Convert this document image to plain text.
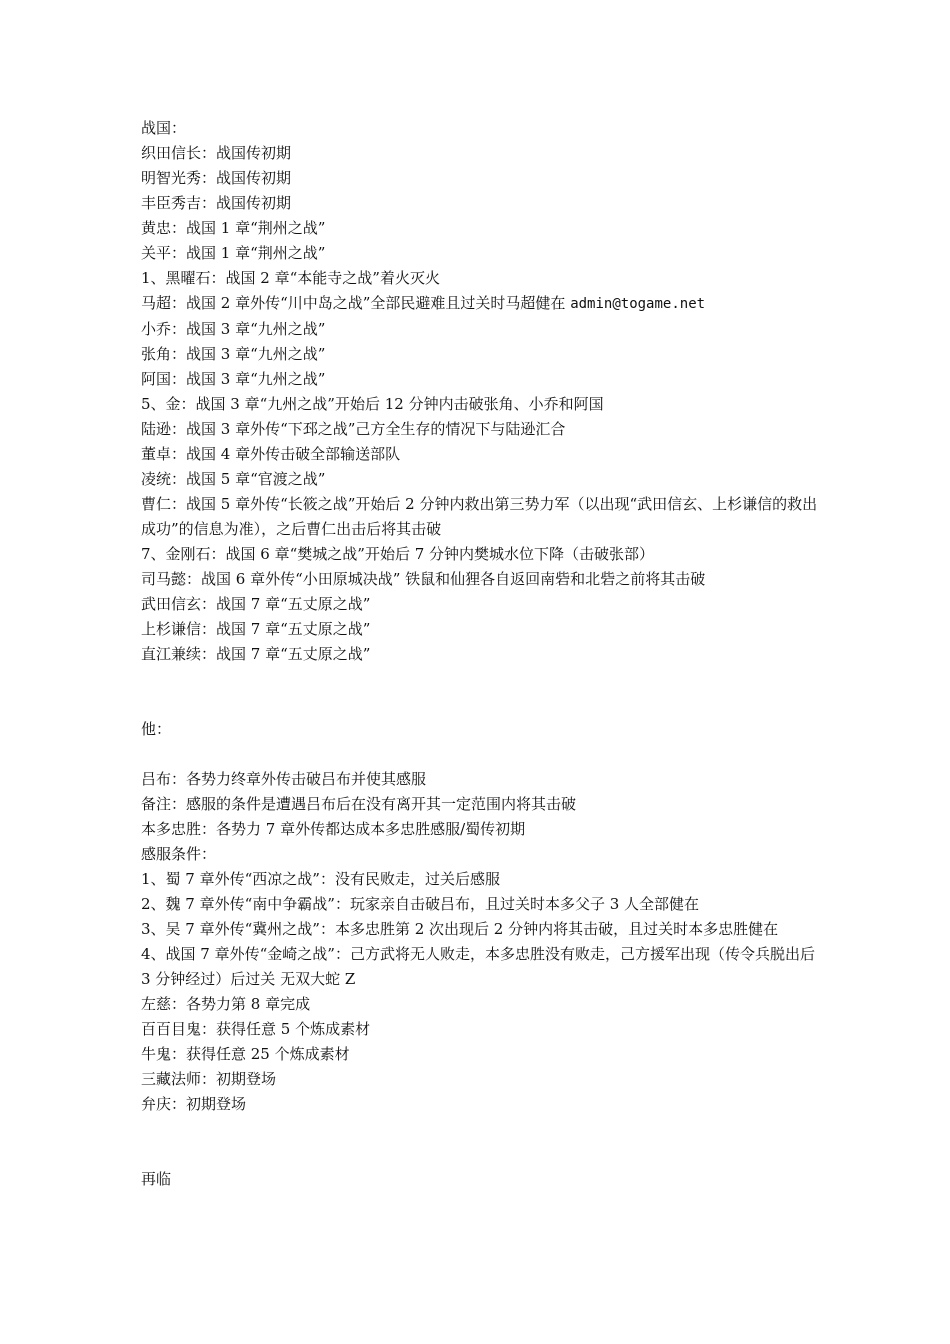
战国：
织田信长：战国传初期
明智光秀：战国传初期
丰臣秀吉：战国传初期
黄忠：战国 1 章“荆州之战”
关平：战国 1 章“荆州之战”
1、黑曜石：战国 2 章“本能寺之战”着火灭火
马超：战国 2 章外传“川中岛之战”全部民避难且过关时马超健在 admin@togame.net
小乔：战国 3 章“九州之战”
张角：战国 3 章“九州之战”
阿国：战国 3 章“九州之战”
5、金：战国 3 章“九州之战”开始后 12 分钟内击破张角、小乔和阿国
陆逊：战国 3 章外传“下邳之战”己方全生存的情况下与陆逊汇合
董卓：战国 4 章外传击破全部输送部队
凌统：战国 5 章“官渡之战”
曹仁：战国 5 章外传“长筱之战”开始后 2 分钟内救出第三势力军（以出现“武田信玄、上杉谦信的救出成功”的信息为准），之后曹仁出击后将其击破
7、金刚石：战国 6 章“樊城之战”开始后 7 分钟内樊城水位下降（击破张部）
司马懿：战国 6 章外传“小田原城决战” 铁鼠和仙狸各自返回南砦和北砦之前将其击破
武田信玄：战国 7 章“五丈原之战”
上杉谦信：战国 7 章“五丈原之战”
直江兼续：战国 7 章“五丈原之战”
他：
吕布：各势力终章外传击破吕布并使其感服
备注：感服的条件是遭遇吕布后在没有离开其一定范围内将其击破
本多忠胜：各势力 7 章外传都达成本多忠胜感服/蜀传初期
感服条件：
1、蜀 7 章外传“西凉之战”：没有民败走，过关后感服
2、魏 7 章外传“南中争霸战”：玩家亲自击破吕布，且过关时本多父子 3 人全部健在
3、吴 7 章外传“冀州之战”：本多忠胜第 2 次出现后 2 分钟内将其击破，且过关时本多忠胜健在
4、战国 7 章外传“金崎之战”：己方武将无人败走，本多忠胜没有败走，己方援军出现（传令兵脱出后 3 分钟经过）后过关 无双大蛇 Z
左慈：各势力第 8 章完成
百百目鬼：获得任意 5 个炼成素材
牛鬼：获得任意 25 个炼成素材
三藏法师：初期登场
弁庆：初期登场
再临
